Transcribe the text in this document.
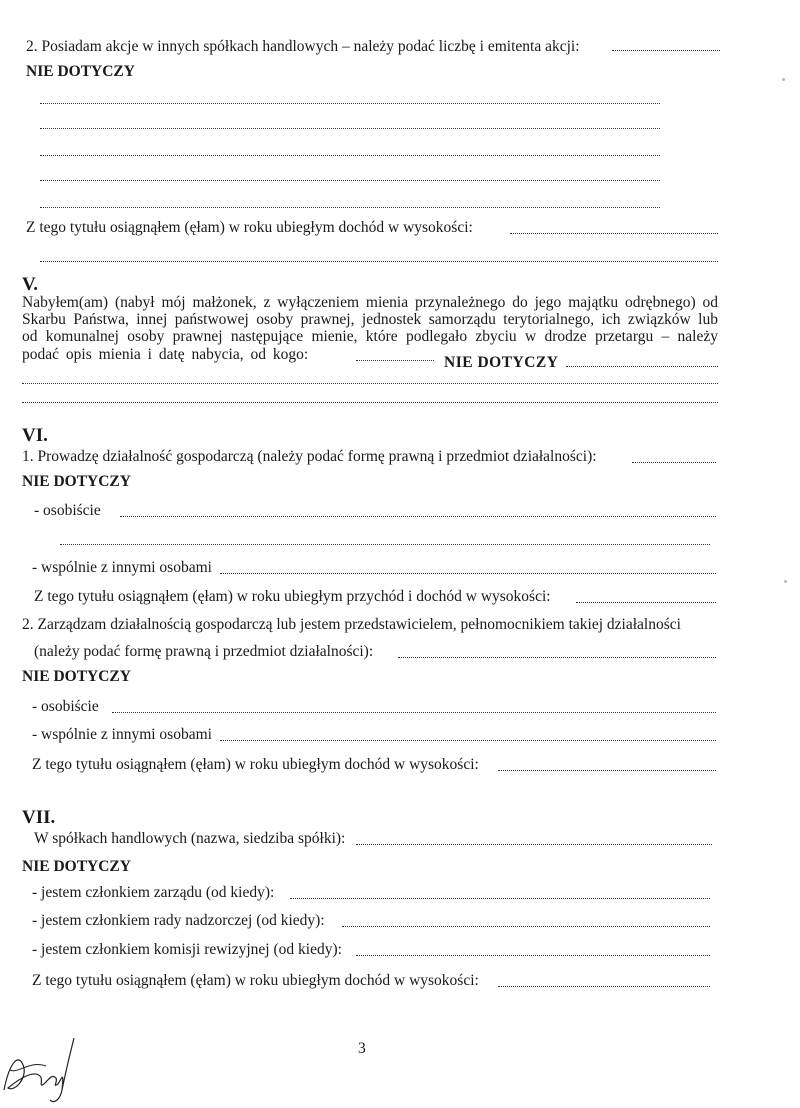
2. Posiadam akcje w innych spółkach handlowych – należy podać liczbę i emitenta akcji:
NIE DOTYCZY
Z tego tytułu osiągnąłem (ęłam) w roku ubiegłym dochód w wysokości:
V.
Nabyłem(am) (nabył mój małżonek, z wyłączeniem mienia przynależnego do jego majątku odrębnego) od
Skarbu Państwa, innej państwowej osoby prawnej, jednostek samorządu terytorialnego, ich związków lub
od komunalnej osoby prawnej następujące mienie, które podlegało zbyciu w drodze przetargu – należy
podać opis mienia i datę nabycia, od kogo:	NIE DOTYCZY
VI.
1. Prowadzę działalność gospodarczą (należy podać formę prawną i przedmiot działalności):
NIE DOTYCZY
- osobiście
- wspólnie z innymi osobami
Z tego tytułu osiągnąłem (ęłam) w roku ubiegłym przychód i dochód w wysokości:
2. Zarządzam działalnością gospodarczą lub jestem przedstawicielem, pełnomocnikiem takiej działalności
(należy podać formę prawną i przedmiot działalności):
NIE DOTYCZY
- osobiście
- wspólnie z innymi osobami
Z tego tytułu osiągnąłem (ęłam) w roku ubiegłym dochód w wysokości:
VII.
W spółkach handlowych (nazwa, siedziba spółki):
NIE DOTYCZY
- jestem członkiem zarządu (od kiedy):
- jestem członkiem rady nadzorczej (od kiedy):
- jestem członkiem komisji rewizyjnej (od kiedy):
Z tego tytułu osiągnąłem (ęłam) w roku ubiegłym dochód w wysokości:
3
